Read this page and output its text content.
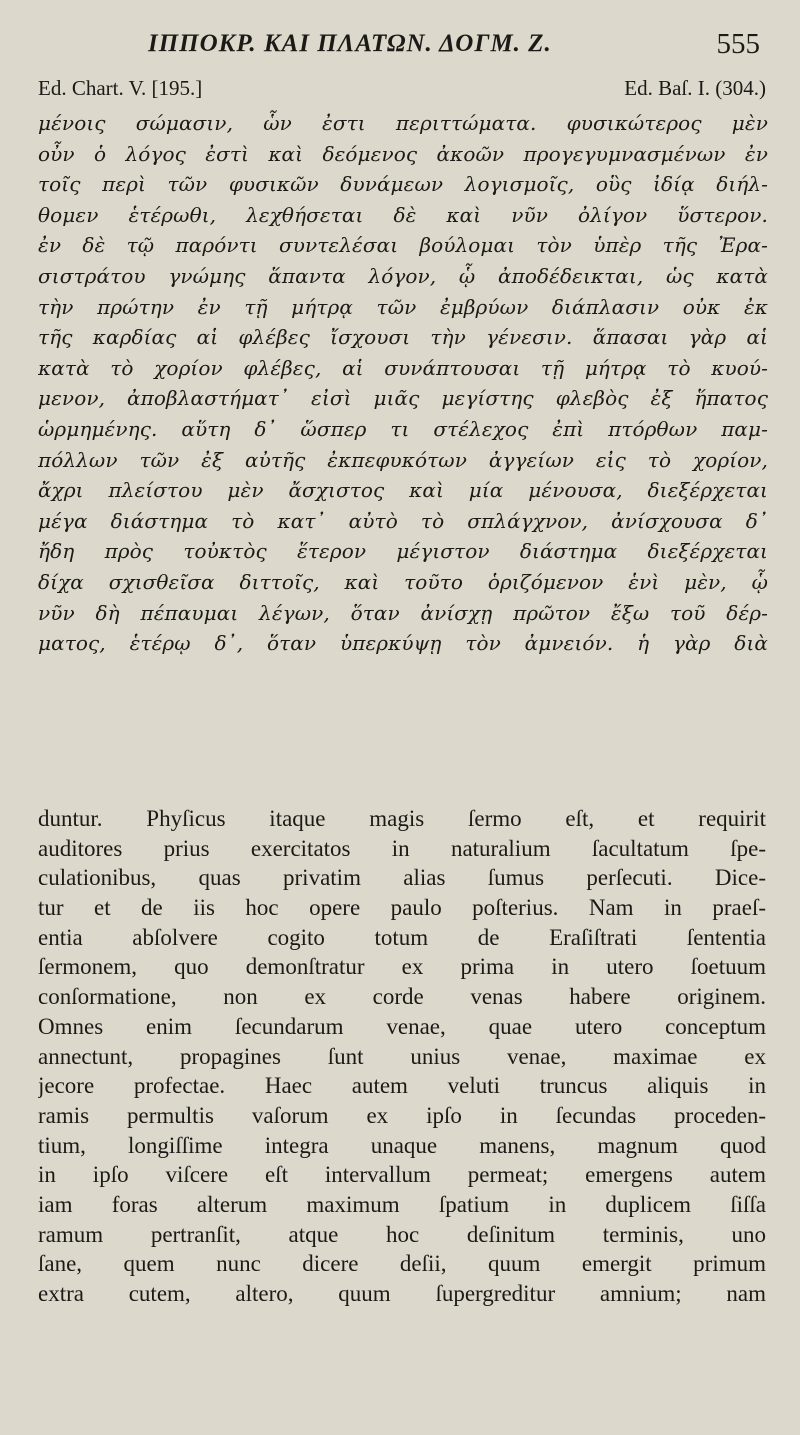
ΙΠΠΟΚΡ. ΚΑΙ ΠΛΑΤΩΝ. ΔΟΓΜ. Ζ.	555
Ed. Chart. V. [195.]	Ed. Baſ. I. (304.)
μένοις σώμασιν, ὧν ἐστι περιττώματα. φυσικώτερος μὲν
οὖν ὁ λόγος ἐστὶ καὶ δεόμενος ἀκοῶν προγεγυμνασμένων ἐν
τοῖς περὶ τῶν φυσικῶν δυνάμεων λογισμοῖς, οὓς ἰδίᾳ διήλ-
θομεν ἑτέρωθι, λεχθήσεται δὲ καὶ νῦν ὀλίγον ὕστερον.
ἐν δὲ τῷ παρόντι συντελέσαι βούλομαι τὸν ὑπὲρ τῆς Ἐρα-
σιστράτου γνώμης ἅπαντα λόγον, ᾧ ἀποδέδεικται, ὡς κατὰ
τὴν πρώτην ἐν τῇ μήτρᾳ τῶν ἐμβρύων διάπλασιν οὐκ ἐκ
τῆς καρδίας αἱ φλέβες ἴσχουσι τὴν γένεσιν. ἅπασαι γὰρ αἱ
κατὰ τὸ χορίον φλέβες, αἱ συνάπτουσαι τῇ μήτρᾳ τὸ κυού-
μενον, ἀποβλαστήματ᾽ εἰσὶ μιᾶς μεγίστης φλεβὸς ἐξ ἥπατος
ὡρμημένης. αὕτη δ᾽ ὥσπερ τι στέλεχος ἐπὶ πτόρθων παμ-
πόλλων τῶν ἐξ αὐτῆς ἐκπεφυκότων ἀγγείων εἰς τὸ χορίον,
ἄχρι πλείστου μὲν ἄσχιστος καὶ μία μένουσα, διεξέρχεται
μέγα διάστημα τὸ κατ᾽ αὐτὸ τὸ σπλάγχνον, ἀνίσχουσα δ᾽
ἤδη πρὸς τοὐκτὸς ἕτερον μέγιστον διάστημα διεξέρχεται
δίχα σχισθεῖσα διττοῖς, καὶ τοῦτο ὁριζόμενον ἑνὶ μὲν, ᾧ
νῦν δὴ πέπαυμαι λέγων, ὅταν ἀνίσχῃ πρῶτον ἔξω τοῦ δέρ-
ματος, ἑτέρῳ δ᾽, ὅταν ὑπερκύψῃ τὸν ἀμνειόν. ἡ γὰρ διὰ
duntur. Phyſicus itaque magis ſermo eſt, et requirit
auditores prius exercitatos in naturalium ſacultatum ſpe-
culationibus, quas privatim alias ſumus perſecuti. Dice-
tur et de iis hoc opere paulo poſterius. Nam in praeſ-
entia abſolvere cogito totum de Eraſiſtrati ſententia
ſermonem, quo demonſtratur ex prima in utero ſoetuum
conſormatione, non ex corde venas habere originem.
Omnes enim ſecundarum venae, quae utero conceptum
annectunt, propagines ſunt unius venae, maximae ex
jecore profectae. Haec autem veluti truncus aliquis in
ramis permultis vaſorum ex ipſo in ſecundas proceden-
tium, longiſſime integra unaque manens, magnum quod
in ipſo viſcere eſt intervallum permeat; emergens autem
iam foras alterum maximum ſpatium in duplicem ſiſſa
ramum pertranſit, atque hoc deſinitum terminis, uno
ſane, quem nunc dicere deſii, quum emergit primum
extra cutem, altero, quum ſupergreditur amnium; nam
